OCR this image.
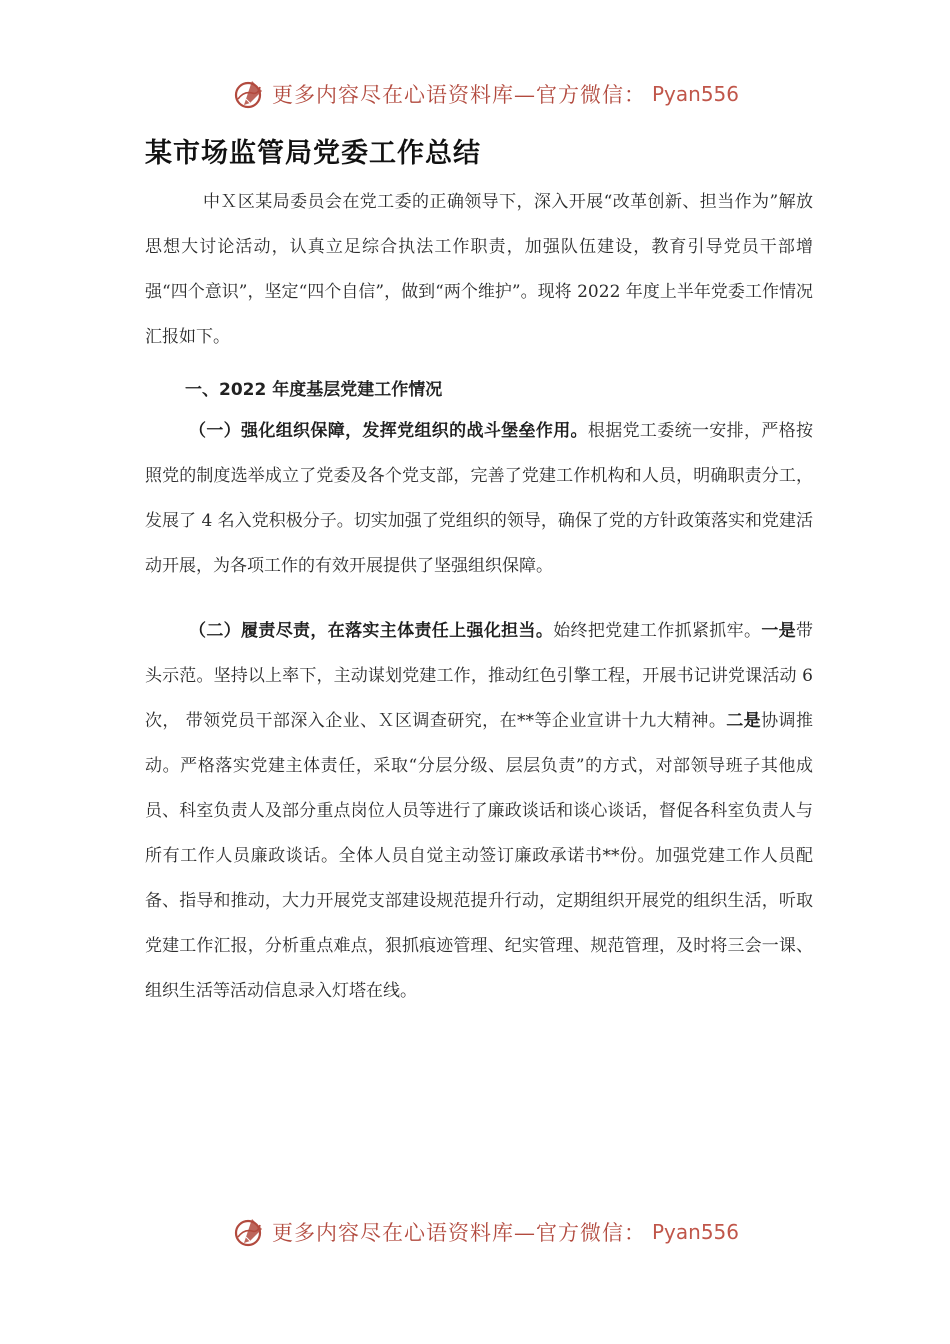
更多内容尽在心语资料库—官方微信： Pyan556
某市场监管局党委工作总结

中Ｘ区某局委员会在党工委的正确领导下，深入开展“改革创新、担当作为”解放思想大讨论活动，认真立足综合执法工作职责，加强队伍建设，教育引导党员干部增强“四个意识”，坚定“四个自信”，做到“两个维护”。现将 2022 年度上半年党委工作情况汇报如下。

一、2022 年度基层党建工作情况

（一）强化组织保障，发挥党组织的战斗堡垒作用。根据党工委统一安排，严格按照党的制度选举成立了党委及各个党支部，完善了党建工作机构和人员，明确职责分工，发展了 4 名入党积极分子。切实加强了党组织的领导，确保了党的方针政策落实和党建活动开展，为各项工作的有效开展提供了坚强组织保障。

（二）履责尽责，在落实主体责任上强化担当。始终把党建工作抓紧抓牢。一是带头示范。坚持以上率下，主动谋划党建工作，推动红色引擎工程，开展书记讲党课活动 6 次， 带领党员干部深入企业、Ｘ区调查研究，在**等企业宣讲十九大精神。二是协调推动。严格落实党建主体责任，采取“分层分级、层层负责”的方式，对部领导班子其他成员、科室负责人及部分重点岗位人员等进行了廉政谈话和谈心谈话，督促各科室负责人与所有工作人员廉政谈话。全体人员自觉主动签订廉政承诺书**份。加强党建工作人员配备、指导和推动，大力开展党支部建设规范提升行动，定期组织开展党的组织生活，听取党建工作汇报，分析重点难点，狠抓痕迹管理、纪实管理、规范管理，及时将三会一课、组织生活等活动信息录入灯塔在线。

更多内容尽在心语资料库—官方微信： Pyan556
